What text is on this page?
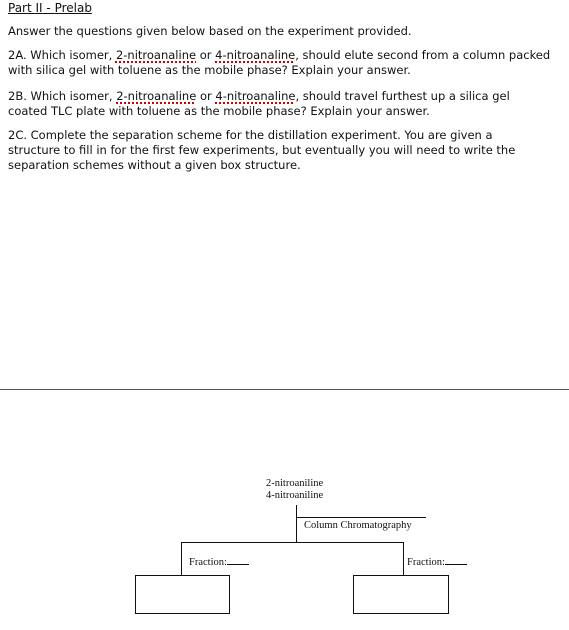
Part II - Prelab
Answer the questions given below based on the experiment provided.
2A. Which isomer, 2-nitroanaline or 4-nitroanaline, should elute second from a column packed
with silica gel with toluene as the mobile phase? Explain your answer.
2B. Which isomer, 2-nitroanaline or 4-nitroanaline, should travel furthest up a silica gel
coated TLC plate with toluene as the mobile phase? Explain your answer.
2C. Complete the separation scheme for the distillation experiment. You are given a
structure to fill in for the first few experiments, but eventually you will need to write the
separation schemes without a given box structure.
2-nitroaniline
4-nitroaniline
Column Chromatography
Fraction:	Fraction:
